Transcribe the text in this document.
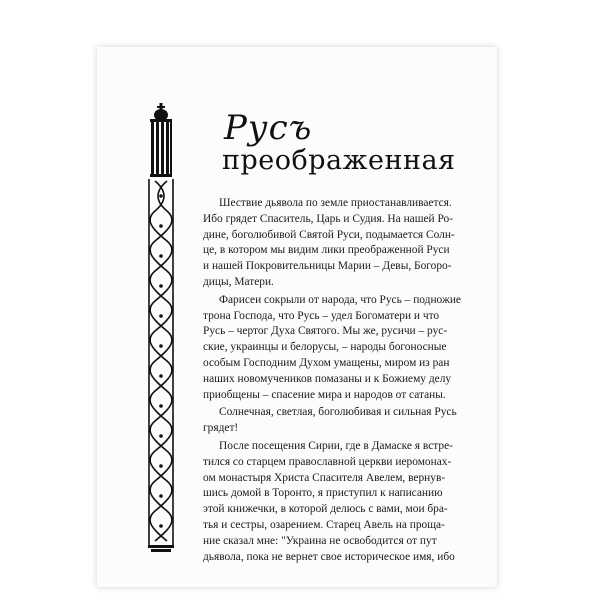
Русъ
преображенная

Шествие дьявола по земле приостанавливается.
Ибо грядет Спаситель, Царь и Судия. На нашей Ро-
дине, боголюбивой Святой Руси, подымается Солн-
це, в котором мы видим лики преображенной Руси
и нашей Покровительницы Марии – Девы, Богоро-
дицы, Матери.

Фарисеи сокрыли от народа, что Русь – подножие
трона Господа, что Русь – удел Богоматери и что
Русь – чертог Духа Святого. Мы же, русичи – рус-
ские, украинцы и белорусы, – народы богоносные
особым Господним Духом умащены, миром из ран
наших новомучеников помазаны и к Божиему делу
приобщены – спасение мира и народов от сатаны.

Солнечная, светлая, боголюбивая и сильная Русь
грядет!

После посещения Сирии, где в Дамаске я встре-
тился со старцем православной церкви иеромонах-
ом монастыря Христа Спасителя Авелем, вернув-
шись домой в Торонто, я приступил к написанию
этой книжечки, в которой делюсь с вами, мои бра-
тья и сестры, озарением. Старец Авель на проща-
ние сказал мне: "Украина не освободится от пут
дьявола, пока не вернет свое историческое имя, ибо
